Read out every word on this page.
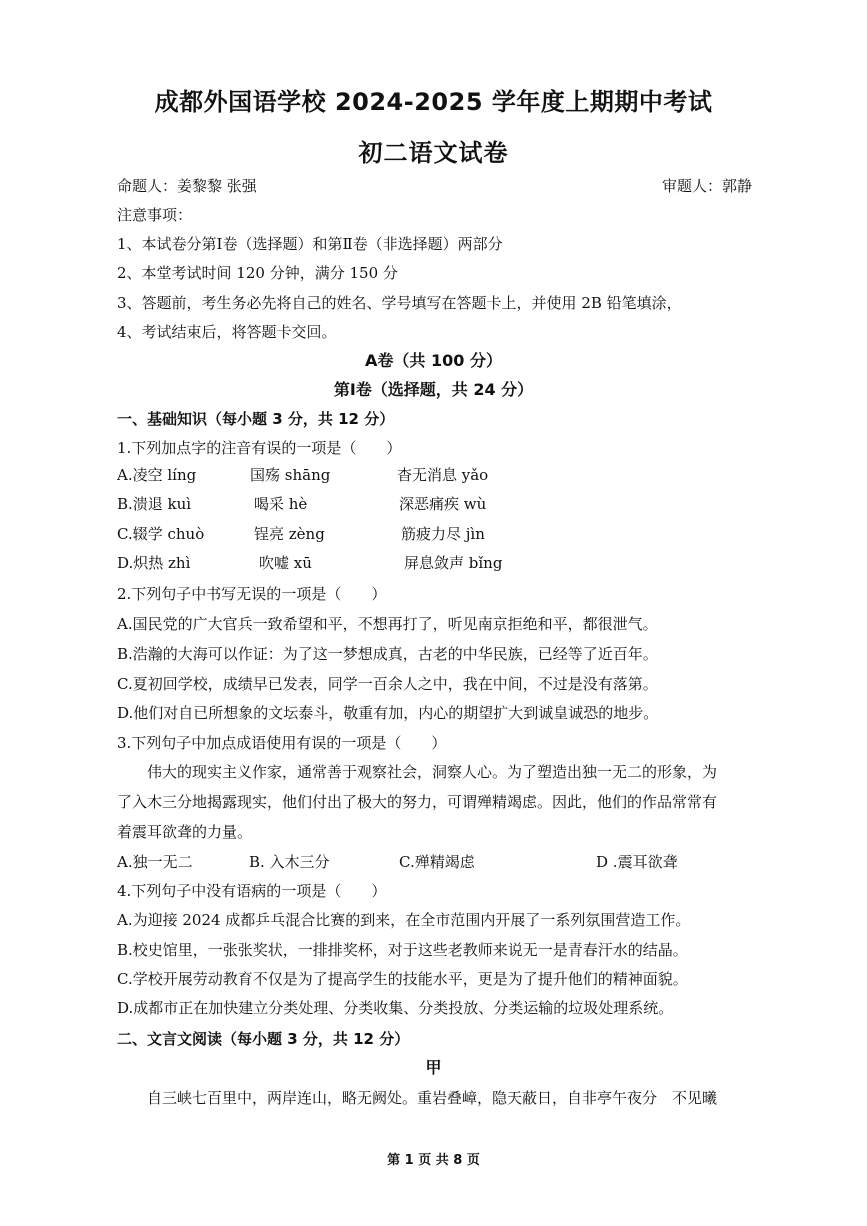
成都外国语学校 2024-2025 学年度上期期中考试
初二语文试卷
命题人：姜黎黎 张强	审题人：郭静
注意事项：
1、本试卷分第Ⅰ卷（选择题）和第Ⅱ卷（非选择题）两部分
2、本堂考试时间 120 分钟，满分 150 分
3、答题前，考生务必先将自己的姓名、学号填写在答题卡上，并使用 2B 铅笔填涂，
4、考试结束后，将答题卡交回。
A卷（共 100 分）
第Ⅰ卷（选择题，共 24 分）
一、基础知识（每小题 3 分，共 12 分）
1.下列加点字的注音有误的一项是（　　）
A.凌空 líng	国殇 shāng	杳无消息 yǎo
B.溃退 kuì	喝采 hè	深恶痛疾 wù
C.辍学 chuò	锃亮 zèng	筋疲力尽 jìn
D.炽热 zhì	吹嘘 xū	屏息敛声 bǐng
2.下列句子中书写无误的一项是（　　）
A.国民党的广大官兵一致希望和平，不想再打了，听见南京拒绝和平，都很泄气。
B.浩瀚的大海可以作证：为了这一梦想成真，古老的中华民族，已经等了近百年。
C.夏初回学校，成绩早已发表，同学一百余人之中，我在中间，不过是没有落第。
D.他们对自已所想象的文坛泰斗，敬重有加，内心的期望扩大到诚皇诚恐的地步。
3.下列句子中加点成语使用有误的一项是（　　）
伟大的现实主义作家，通常善于观察社会，洞察人心。为了塑造出独一无二的形象，为
了入木三分地揭露现实，他们付出了极大的努力，可谓殚精竭虑。因此，他们的作品常常有
着震耳欲聋的力量。
A.独一无二	B. 入木三分	C.殚精竭虑	D .震耳欲聋
4.下列句子中没有语病的一项是（　　）
A.为迎接 2024 成都乒乓混合比赛的到来，在全市范围内开展了一系列氛围营造工作。
B.校史馆里，一张张奖状，一排排奖杯，对于这些老教师来说无一是青春汗水的结晶。
C.学校开展劳动教育不仅是为了提高学生的技能水平，更是为了提升他们的精神面貌。
D.成都市正在加快建立分类处理、分类收集、分类投放、分类运输的垃圾处理系统。
二、文言文阅读（每小题 3 分，共 12 分）
甲
自三峡七百里中，两岸连山，略无阙处。重岩叠嶂，隐天蔽日，自非亭午夜分　不见曦
第 1 页 共 8 页
